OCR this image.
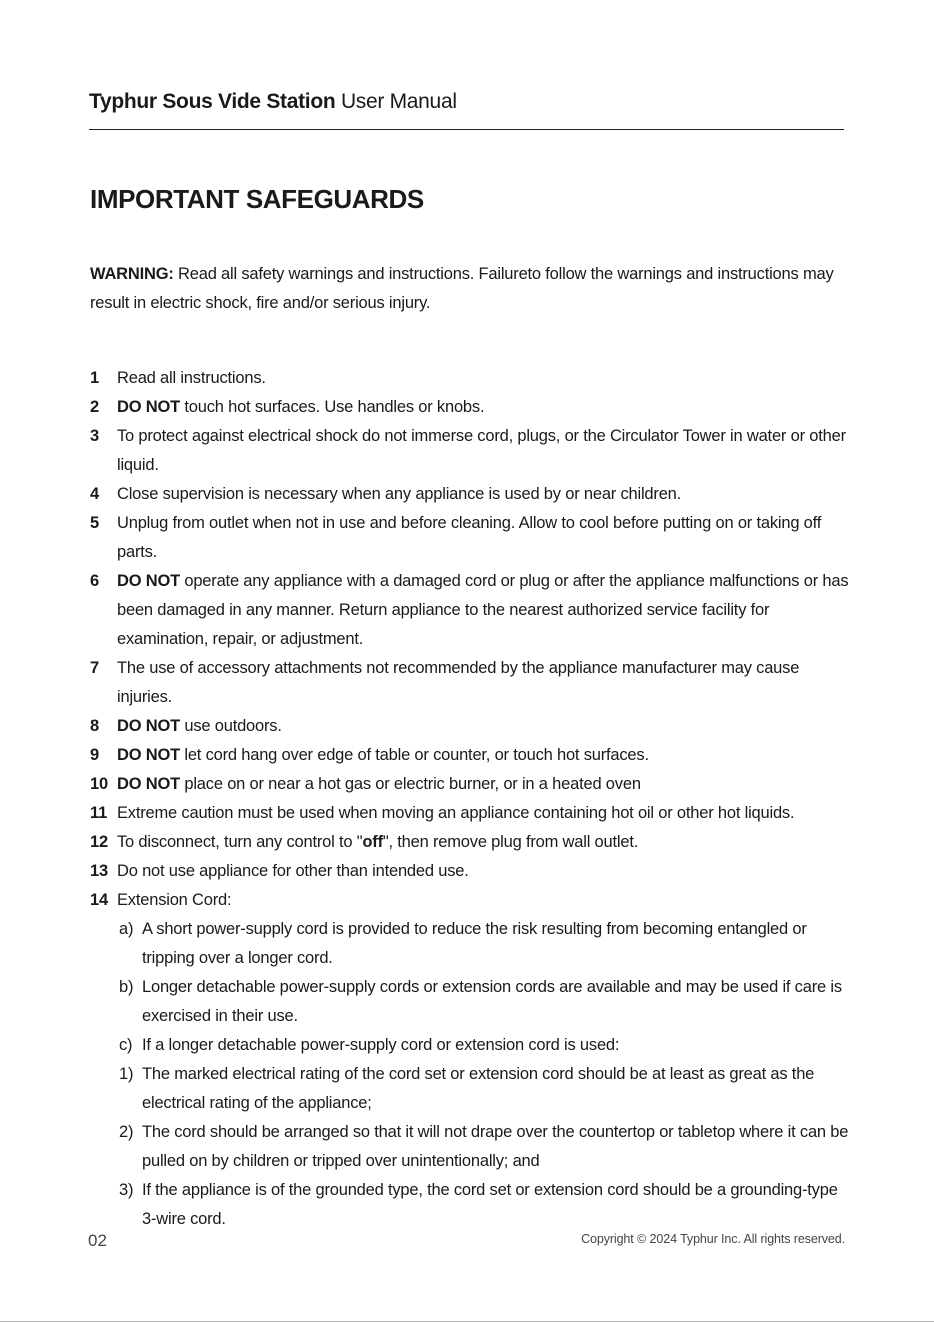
Typhur Sous Vide Station User Manual
IMPORTANT SAFEGUARDS

WARNING: Read all safety warnings and instructions. Failureto follow the warnings and instructions may result in electric shock, fire and/or serious injury.

1 Read all instructions.
2 DO NOT touch hot surfaces. Use handles or knobs.
3 To protect against electrical shock do not immerse cord, plugs, or the Circulator Tower in water or other liquid.
4 Close supervision is necessary when any appliance is used by or near children.
5 Unplug from outlet when not in use and before cleaning. Allow to cool before putting on or taking off parts.
6 DO NOT operate any appliance with a damaged cord or plug or after the appliance malfunctions or has been damaged in any manner. Return appliance to the nearest authorized service facility for examination, repair, or adjustment.
7 The use of accessory attachments not recommended by the appliance manufacturer may cause injuries.
8 DO NOT use outdoors.
9 DO NOT let cord hang over edge of table or counter, or touch hot surfaces.
10 DO NOT place on or near a hot gas or electric burner, or in a heated oven
11 Extreme caution must be used when moving an appliance containing hot oil or other hot liquids.
12 To disconnect, turn any control to "off", then remove plug from wall outlet.
13 Do not use appliance for other than intended use.
14 Extension Cord:
a) A short power-supply cord is provided to reduce the risk resulting from becoming entangled or tripping over a longer cord.
b) Longer detachable power-supply cords or extension cords are available and may be used if care is exercised in their use.
c) If a longer detachable power-supply cord or extension cord is used:
1) The marked electrical rating of the cord set or extension cord should be at least as great as the electrical rating of the appliance;
2) The cord should be arranged so that it will not drape over the countertop or tabletop where it can be pulled on by children or tripped over unintentionally; and
3) If the appliance is of the grounded type, the cord set or extension cord should be a grounding-type 3-wire cord.
02	Copyright © 2024 Typhur Inc. All rights reserved.
